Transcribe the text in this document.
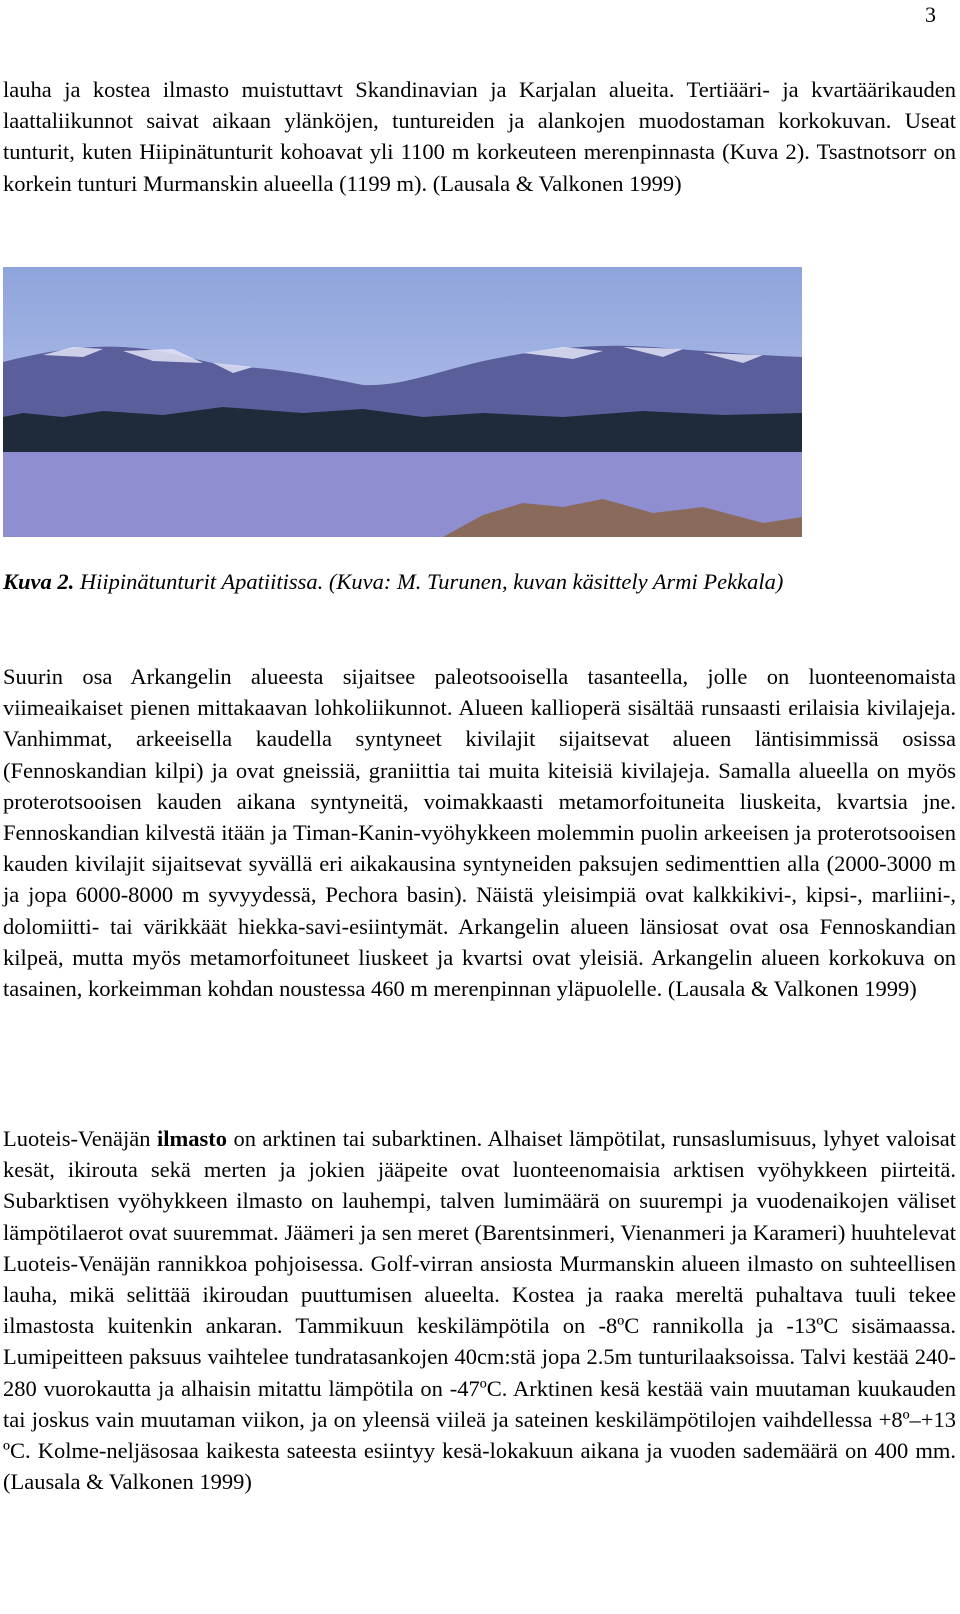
3

lauha ja kostea ilmasto muistuttavt Skandinavian ja Karjalan alueita. Tertiääri- ja kvartäärikauden laattaliikunnot saivat aikaan ylänköjen, tuntureiden ja alankojen muodostaman korkokuvan. Useat tunturit, kuten Hiipinätunturit kohoavat yli 1100 m korkeuteen merenpinnasta (Kuva 2). Tsastnotsorr on korkein tunturi Murmanskin alueella (1199 m). (Lausala & Valkonen 1999)

Kuva 2. Hiipinätunturit Apatiitissa. (Kuva: M. Turunen, kuvan käsittely Armi Pekkala)

Suurin osa Arkangelin alueesta sijaitsee paleotsooisella tasanteella, jolle on luonteenomaista viimeaikaiset pienen mittakaavan lohkoliikunnot. Alueen kallioperä sisältää runsaasti erilaisia kivilajeja. Vanhimmat, arkeeisella kaudella syntyneet kivilajit sijaitsevat alueen läntisimmissä osissa (Fennoskandian kilpi) ja ovat gneissiä, graniittia tai muita kiteisiä kivilajeja. Samalla alueella on myös proterotsooisen kauden aikana syntyneitä, voimakkaasti metamorfoituneita liuskeita, kvartsia jne. Fennoskandian kilvestä itään ja Timan-Kanin-vyöhykkeen molemmin puolin arkeeisen ja proterotsooisen kauden kivilajit sijaitsevat syvällä eri aikakausina syntyneiden paksujen sedimenttien alla (2000-3000 m ja jopa 6000-8000 m syvyydessä, Pechora basin). Näistä yleisimpiä ovat kalkkikivi-, kipsi-, marliini-, dolomiitti- tai värikkäät hiekka-savi-esiintymät. Arkangelin alueen länsiosat ovat osa Fennoskandian kilpeä, mutta myös metamorfoituneet liuskeet ja kvartsi ovat yleisiä. Arkangelin alueen korkokuva on tasainen, korkeimman kohdan noustessa 460 m merenpinnan yläpuolelle. (Lausala & Valkonen 1999)

Luoteis-Venäjän ilmasto on arktinen tai subarktinen. Alhaiset lämpötilat, runsaslumisuus, lyhyet valoisat kesät, ikirouta sekä merten ja jokien jääpeite ovat luonteenomaisia arktisen vyöhykkeen piirteitä. Subarktisen vyöhykkeen ilmasto on lauhempi, talven lumimäärä on suurempi ja vuodenaikojen väliset lämpötilaerot ovat suuremmat. Jäämeri ja sen meret (Barentsinmeri, Vienanmeri ja Karameri) huuhtelevat Luoteis-Venäjän rannikkoa pohjoisessa. Golf-virran ansiosta Murmanskin alueen ilmasto on suhteellisen lauha, mikä selittää ikiroudan puuttumisen alueelta. Kostea ja raaka mereltä puhaltava tuuli tekee ilmastosta kuitenkin ankaran. Tammikuun keskilämpötila on -8ºC rannikolla ja -13ºC sisämaassa. Lumipeitteen paksuus vaihtelee tundratasankojen 40cm:stä jopa 2.5m tunturilaaksoissa. Talvi kestää 240-280 vuorokautta ja alhaisin mitattu lämpötila on -47ºC. Arktinen kesä kestää vain muutaman kuukauden tai joskus vain muutaman viikon, ja on yleensä viileä ja sateinen keskilämpötilojen vaihdellessa +8º–+13 ºC. Kolme-neljäsosaa kaikesta sateesta esiintyy kesä-lokakuun aikana ja vuoden sademäärä on 400 mm. (Lausala & Valkonen 1999)
